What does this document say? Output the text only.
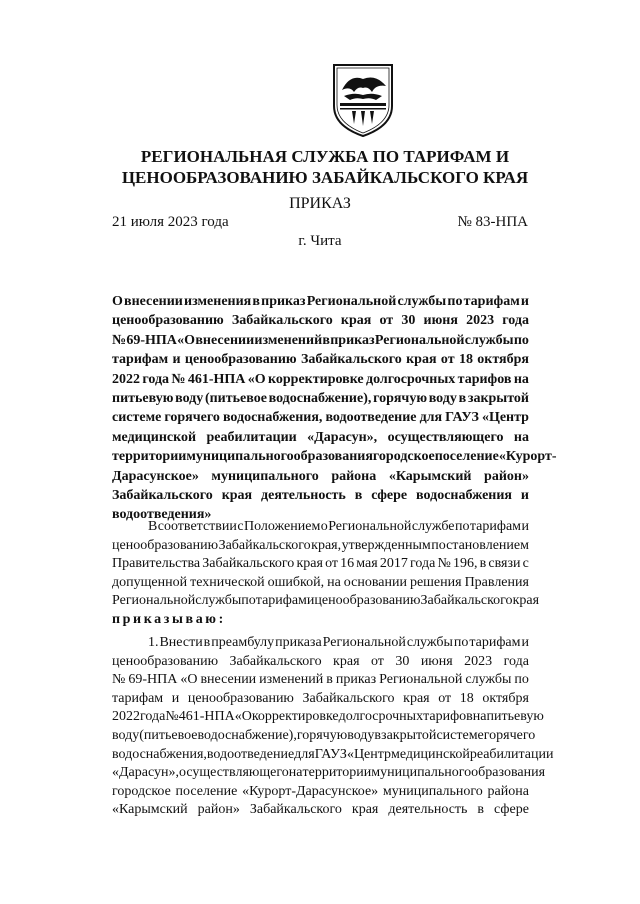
РЕГИОНАЛЬНАЯ СЛУЖБА ПО ТАРИФАМ И
ЦЕНООБРАЗОВАНИЮ ЗАБАЙКАЛЬСКОГО КРАЯ
ПРИКАЗ
21 июля 2023 года	№ 83-НПА
г. Чита
О внесении изменения в приказ Региональной службы по тарифам и
ценообразованию Забайкальского края от 30 июня 2023 года
№ 69-НПА «О внесении изменений в приказ Региональной службы по
тарифам и ценообразованию Забайкальского края от 18 октября
2022 года № 461-НПА «О корректировке долгосрочных тарифов на
питьевую воду (питьевое водоснабжение), горячую воду в закрытой
системе горячего водоснабжения, водоотведение для ГАУЗ «Центр
медицинской реабилитации «Дарасун», осуществляющего на
территории муниципального образования городское поселение «Курорт-
Дарасунское» муниципального района «Карымский район»
Забайкальского края деятельность в сфере водоснабжения и
водоотведения»
В соответствии с Положением о Региональной службе по тарифам и
ценообразованию Забайкальского края, утвержденным постановлением
Правительства Забайкальского края от 16 мая 2017 года № 196, в связи с
допущенной технической ошибкой, на основании решения Правления
Региональной службы по тарифам и ценообразованию Забайкальского края
приказываю:
1. Внести в преамбулу приказа Региональной службы по тарифам и
ценообразованию Забайкальского края от 30 июня 2023 года
№ 69-НПА «О внесении изменений в приказ Региональной службы по
тарифам и ценообразованию Забайкальского края от 18 октября
2022 года № 461-НПА «О корректировке долгосрочных тарифов на питьевую
воду (питьевое водоснабжение), горячую воду в закрытой системе горячего
водоснабжения, водоотведение для ГАУЗ «Центр медицинской реабилитации
«Дарасун», осуществляющего на территории муниципального образования
городское поселение «Курорт-Дарасунское» муниципального района
«Карымский район» Забайкальского края деятельность в сфере
